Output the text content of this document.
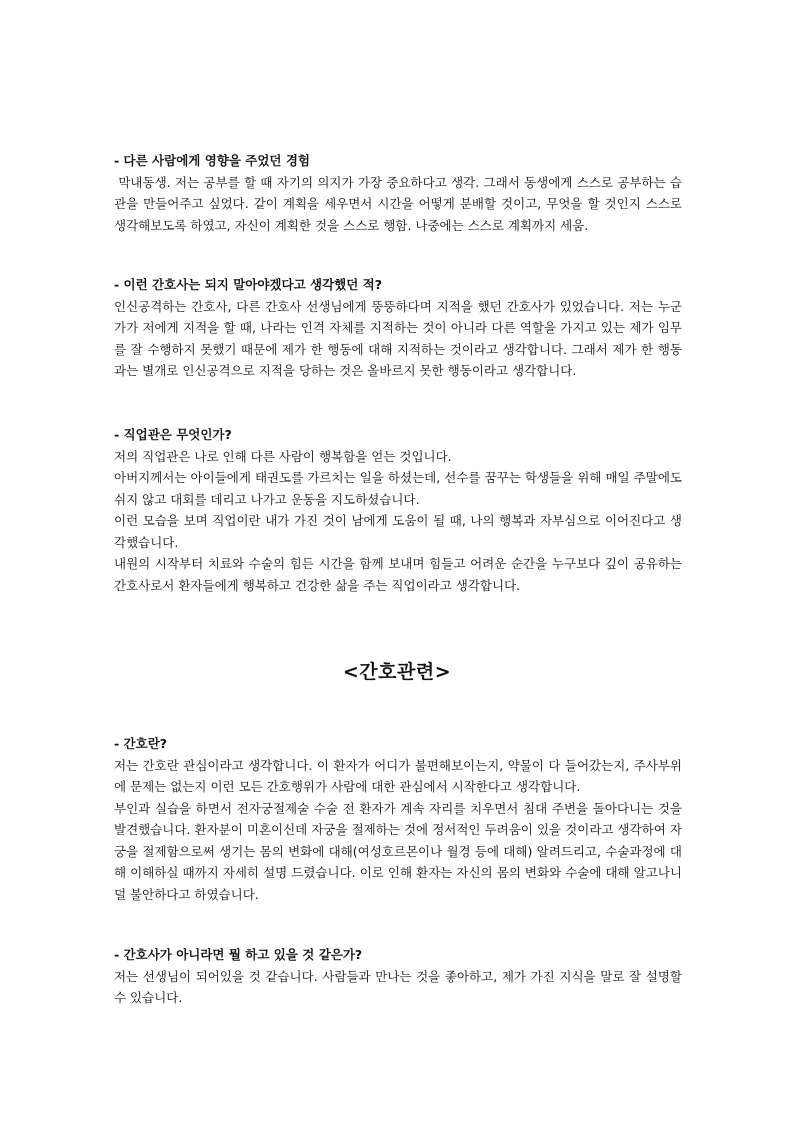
- 다른 사람에게 영향을 주었던 경험

막내동생. 저는 공부를 할 때 자기의 의지가 가장 중요하다고 생각. 그래서 동생에게 스스로 공부하는 습관을 만들어주고 싶었다. 같이 계획을 세우면서 시간을 어떻게 분배할 것이고, 무엇을 할 것인지 스스로 생각해보도록 하였고, 자신이 계획한 것을 스스로 행함. 나중에는 스스로 계획까지 세움.

- 이런 간호사는 되지 말아야겠다고 생각했던 적?

인신공격하는 간호사, 다른 간호사 선생님에게 뚱뚱하다며 지적을 했던 간호사가 있었습니다. 저는 누군가가 저에게 지적을 할 때, 나라는 인격 자체를 지적하는 것이 아니라 다른 역할을 가지고 있는 제가 임무를 잘 수행하지 못했기 때문에 제가 한 행동에 대해 지적하는 것이라고 생각합니다. 그래서 제가 한 행동과는 별개로 인신공격으로 지적을 당하는 것은 올바르지 못한 행동이라고 생각합니다.

- 직업관은 무엇인가?

저의 직업관은 나로 인해 다른 사람이 행복함을 얻는 것입니다.

아버지께서는 아이들에게 태권도를 가르치는 일을 하셨는데, 선수를 꿈꾸는 학생들을 위해 매일 주말에도 쉬지 않고 대회를 데리고 나가고 운동을 지도하셨습니다.

이런 모습을 보며 직업이란 내가 가진 것이 남에게 도움이 될 때, 나의 행복과 자부심으로 이어진다고 생각했습니다.

내원의 시작부터 치료와 수술의 힘든 시간을 함께 보내며 힘들고 어려운 순간을 누구보다 깊이 공유하는 간호사로서 환자들에게 행복하고 건강한 삶을 주는 직업이라고 생각합니다.

<간호관련>

- 간호란?

저는 간호란 관심이라고 생각합니다. 이 환자가 어디가 불편해보이는지, 약물이 다 들어갔는지, 주사부위에 문제는 없는지 이런 모든 간호행위가 사람에 대한 관심에서 시작한다고 생각합니다.

부인과 실습을 하면서 전자궁절제술 수술 전 환자가 계속 자리를 치우면서 침대 주변을 돌아다니는 것을 발견했습니다. 환자분이 미혼이신데 자궁을 절제하는 것에 정서적인 두려움이 있을 것이라고 생각하여 자궁을 절제함으로써 생기는 몸의 변화에 대해(여성호르몬이나 월경 등에 대해) 알려드리고, 수술과정에 대해 이해하실 때까지 자세히 설명 드렸습니다. 이로 인해 환자는 자신의 몸의 변화와 수술에 대해 알고나니 덜 불안하다고 하였습니다.

- 간호사가 아니라면 뭘 하고 있을 것 같은가?

저는 선생님이 되어있을 것 같습니다. 사람들과 만나는 것을 좋아하고, 제가 가진 지식을 말로 잘 설명할 수 있습니다.
